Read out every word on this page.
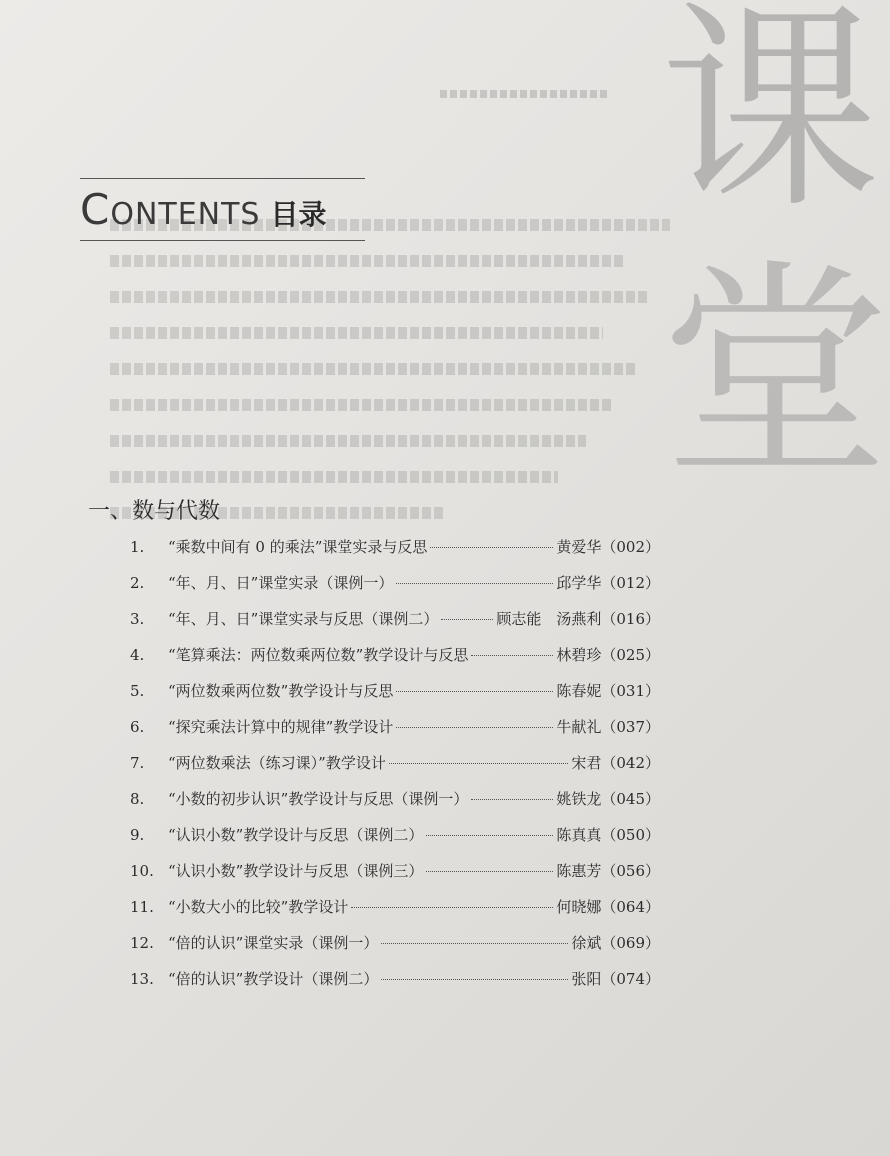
课
堂
CONTENTS 目录
一、数与代数
1.	“乘数中间有 0 的乘法”课堂实录与反思	黄爱华 （002）
2.	“年、月、日”课堂实录（课例一）	邱学华 （012）
3.	“年、月、日”课堂实录与反思（课例二）	顾志能　汤燕利 （016）
4.	“笔算乘法：两位数乘两位数”教学设计与反思	林碧珍 （025）
5.	“两位数乘两位数”教学设计与反思	陈春妮 （031）
6.	“探究乘法计算中的规律”教学设计	牛献礼 （037）
7.	“两位数乘法（练习课）”教学设计	宋君 （042）
8.	“小数的初步认识”教学设计与反思（课例一）	姚铁龙 （045）
9.	“认识小数”教学设计与反思（课例二）	陈真真 （050）
10. “认识小数”教学设计与反思（课例三）	陈惠芳 （056）
11. “小数大小的比较”教学设计	何晓娜 （064）
12. “倍的认识”课堂实录（课例一）	徐斌 （069）
13. “倍的认识”教学设计（课例二）	张阳 （074）
